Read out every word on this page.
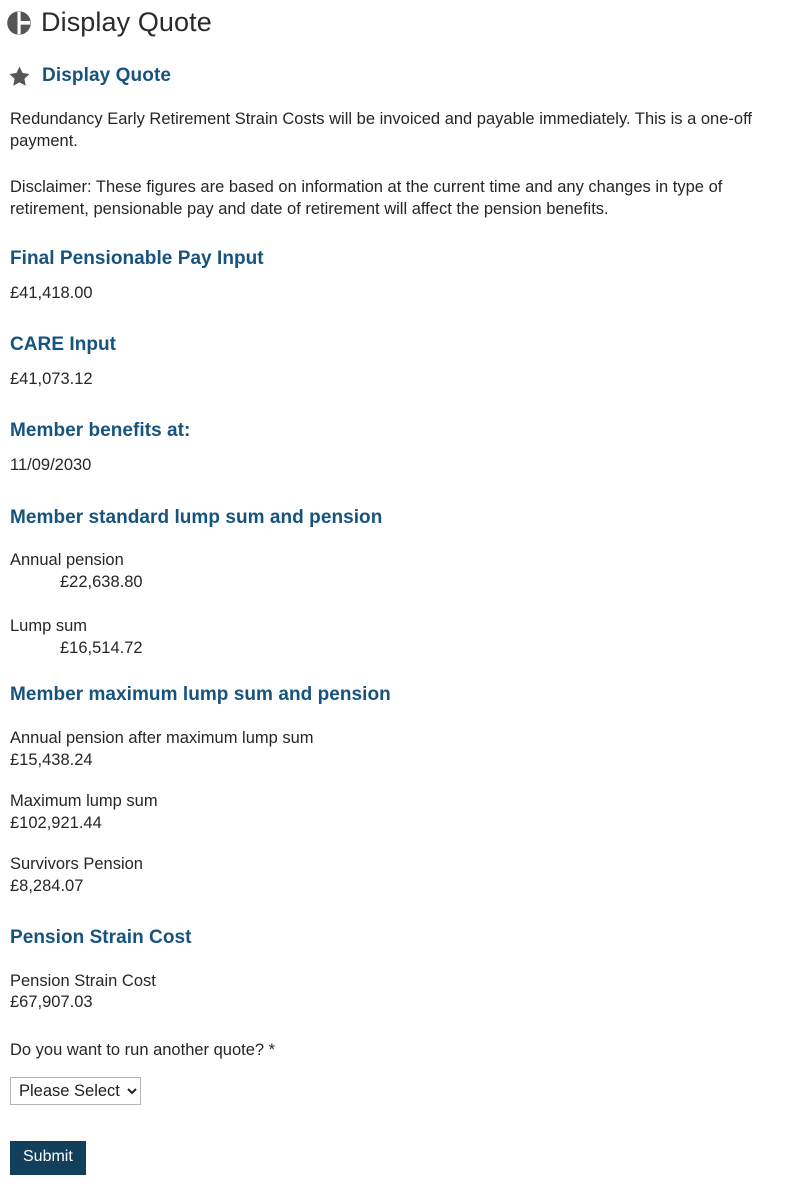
Display Quote
Display Quote

Redundancy Early Retirement Strain Costs will be invoiced and payable immediately. This is a one-off payment.

Disclaimer: These figures are based on information at the current time and any changes in type of retirement, pensionable pay and date of retirement will affect the pension benefits.

Final Pensionable Pay Input

£41,418.00

CARE Input

£41,073.12

Member benefits at:

11/09/2030

Member standard lump sum and pension

Annual pension

£22,638.80

Lump sum

£16,514.72

Member maximum lump sum and pension

Annual pension after maximum lump sum

£15,438.24

Maximum lump sum

£102,921.44

Survivors Pension

£8,284.07

Pension Strain Cost

Pension Strain Cost

£67,907.03

Do you want to run another quote? *

Please Select
Submit
